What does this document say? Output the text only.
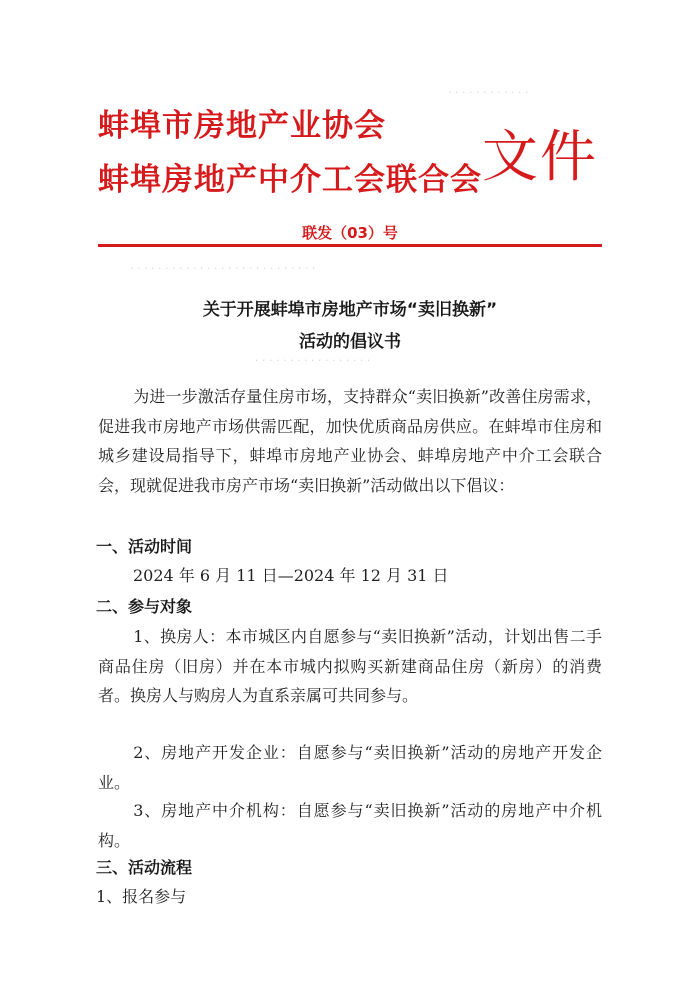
· · · · · · · · · · · ·
· · · · · · · · · · · · · · · · · · · · · · · · · · ·
· · · · · · · · · · · · · · · · ·
蚌埠市房地产业协会
蚌埠房地产中介工会联合会 文件
联发（03）号
关于开展蚌埠市房地产市场“卖旧换新”
活动的倡议书
为进一步激活存量住房市场，支持群众“卖旧换新”改善住房需求，促进我市房地产市场供需匹配，加快优质商品房供应。在蚌埠市住房和城乡建设局指导下，蚌埠市房地产业协会、蚌埠房地产中介工会联合会，现就促进我市房产市场“卖旧换新”活动做出以下倡议：
一、活动时间
2024 年 6 月 11 日—2024 年 12 月 31 日
二、参与对象
1、换房人：本市城区内自愿参与“卖旧换新”活动，计划出售二手商品住房（旧房）并在本市城内拟购买新建商品住房（新房）的消费者。换房人与购房人为直系亲属可共同参与。
2、房地产开发企业：自愿参与“卖旧换新”活动的房地产开发企业。
3、房地产中介机构：自愿参与“卖旧换新”活动的房地产中介机构。
三、活动流程
1、报名参与
